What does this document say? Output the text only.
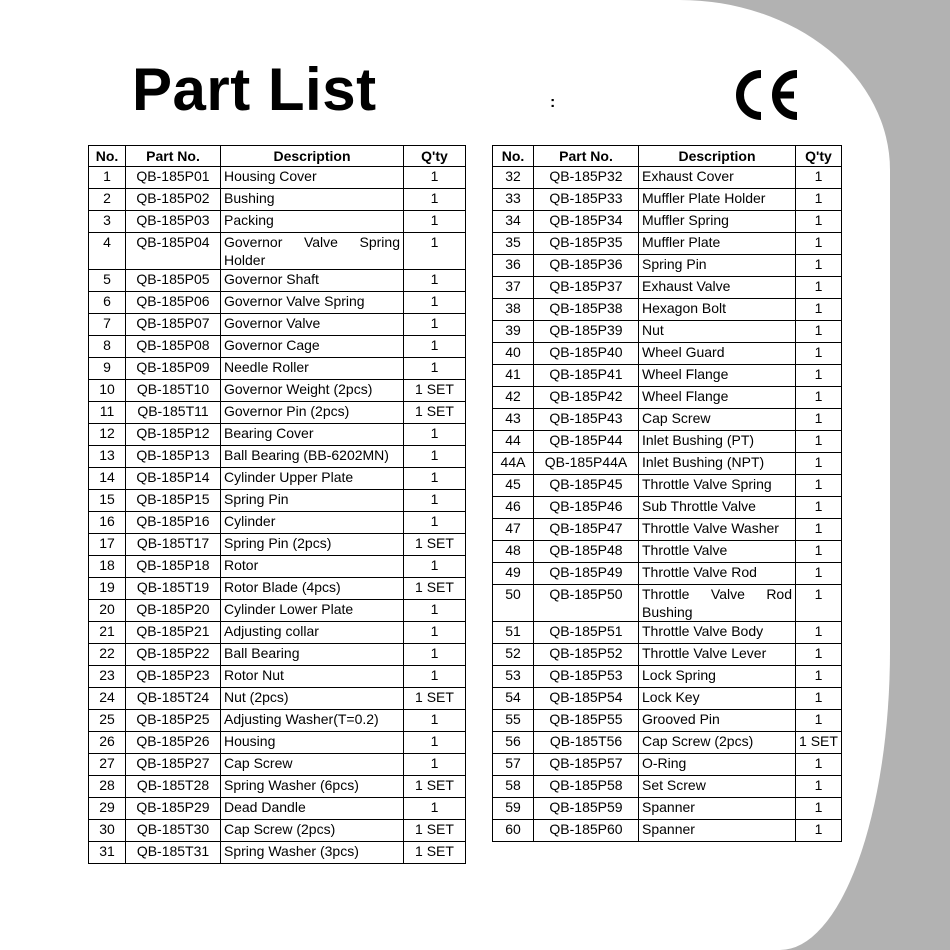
Part List	:
No.	Part No.	Description	Q'ty
1	QB-185P01	Housing Cover	1
2	QB-185P02	Bushing	1
3	QB-185P03	Packing	1
4	QB-185P04	Governor Valve Spring Holder	1
5	QB-185P05	Governor Shaft	1
6	QB-185P06	Governor Valve Spring	1
7	QB-185P07	Governor Valve	1
8	QB-185P08	Governor Cage	1
9	QB-185P09	Needle Roller	1
10	QB-185T10	Governor Weight (2pcs)	1 SET
11	QB-185T11	Governor Pin (2pcs)	1 SET
12	QB-185P12	Bearing Cover	1
13	QB-185P13	Ball Bearing (BB-6202MN)	1
14	QB-185P14	Cylinder Upper Plate	1
15	QB-185P15	Spring Pin	1
16	QB-185P16	Cylinder	1
17	QB-185T17	Spring Pin (2pcs)	1 SET
18	QB-185P18	Rotor	1
19	QB-185T19	Rotor Blade (4pcs)	1 SET
20	QB-185P20	Cylinder Lower Plate	1
21	QB-185P21	Adjusting collar	1
22	QB-185P22	Ball Bearing	1
23	QB-185P23	Rotor Nut	1
24	QB-185T24	Nut (2pcs)	1 SET
25	QB-185P25	Adjusting Washer(T=0.2)	1
26	QB-185P26	Housing	1
27	QB-185P27	Cap Screw	1
28	QB-185T28	Spring Washer (6pcs)	1 SET
29	QB-185P29	Dead Dandle	1
30	QB-185T30	Cap Screw (2pcs)	1 SET
31	QB-185T31	Spring Washer (3pcs)	1 SET
No.	Part No.	Description	Q'ty
32	QB-185P32	Exhaust Cover	1
33	QB-185P33	Muffler Plate Holder	1
34	QB-185P34	Muffler Spring	1
35	QB-185P35	Muffler Plate	1
36	QB-185P36	Spring Pin	1
37	QB-185P37	Exhaust Valve	1
38	QB-185P38	Hexagon Bolt	1
39	QB-185P39	Nut	1
40	QB-185P40	Wheel Guard	1
41	QB-185P41	Wheel Flange	1
42	QB-185P42	Wheel Flange	1
43	QB-185P43	Cap Screw	1
44	QB-185P44	Inlet Bushing (PT)	1
44A	QB-185P44A	Inlet Bushing (NPT)	1
45	QB-185P45	Throttle Valve Spring	1
46	QB-185P46	Sub Throttle Valve	1
47	QB-185P47	Throttle Valve Washer	1
48	QB-185P48	Throttle Valve	1
49	QB-185P49	Throttle Valve Rod	1
50	QB-185P50	Throttle Valve Rod Bushing	1
51	QB-185P51	Throttle Valve Body	1
52	QB-185P52	Throttle Valve Lever	1
53	QB-185P53	Lock Spring	1
54	QB-185P54	Lock Key	1
55	QB-185P55	Grooved Pin	1
56	QB-185T56	Cap Screw (2pcs)	1 SET
57	QB-185P57	O-Ring	1
58	QB-185P58	Set Screw	1
59	QB-185P59	Spanner	1
60	QB-185P60	Spanner	1
